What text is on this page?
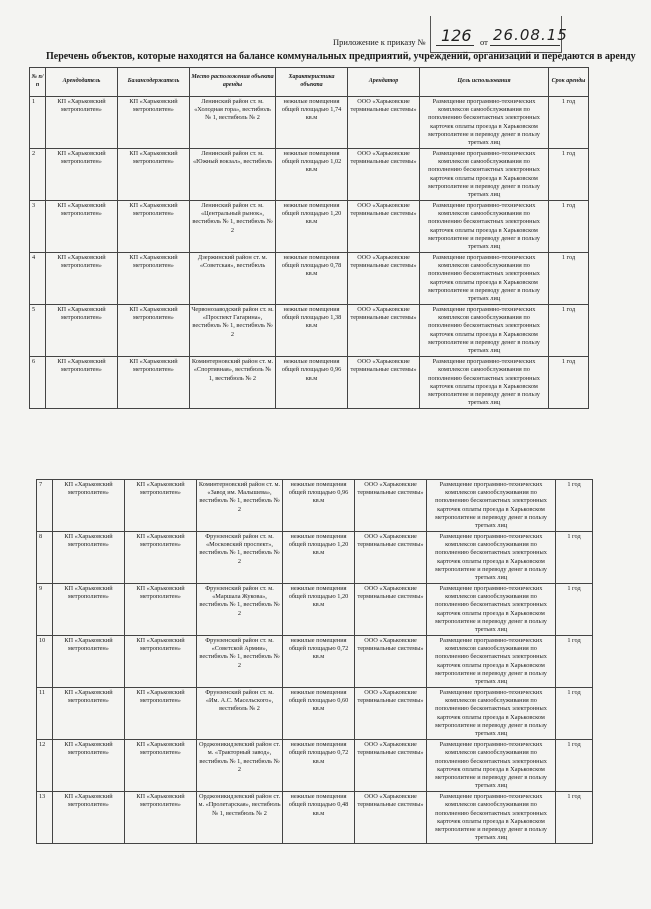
Приложение к приказу № 126 от 26.08.15
Перечень объектов, которые находятся на балансе коммунальных предприятий, учреждений, организаций и передаются в аренду
№ п/п	Арендодатель	Балансодержатель	Место расположения объекта аренды	Характеристика объекта	Арендатор	Цель использования	Срок аренды
1	КП «Харьковский метрополитен»	КП «Харьковский метрополитен»	Ленинский район ст. м. «Холодная гора», вестибюль № 1, вестибюль № 2	нежилые помещения общей площадью 1,74 кв.м	ООО «Харьковские терминальные системы»	Размещение программно-технических комплексов самообслуживания по пополнению бесконтактных электронных карточек оплаты проезда в Харьковском метрополитене и переводу денег в пользу третьих лиц	1 год
2	КП «Харьковский метрополитен»	КП «Харьковский метрополитен»	Ленинский район ст. м. «Южный вокзал», вестибюль	нежилые помещения общей площадью 1,02 кв.м	ООО «Харьковские терминальные системы»	Размещение программно-технических комплексов самообслуживания по пополнению бесконтактных электронных карточек оплаты проезда в Харьковском метрополитене и переводу денег в пользу третьих лиц	1 год
3	КП «Харьковский метрополитен»	КП «Харьковский метрополитен»	Ленинский район ст. м. «Центральный рынок», вестибюль № 1, вестибюль № 2	нежилые помещения общей площадью 1,20 кв.м	ООО «Харьковские терминальные системы»	Размещение программно-технических комплексов самообслуживания по пополнению бесконтактных электронных карточек оплаты проезда в Харьковском метрополитене и переводу денег в пользу третьих лиц	1 год
4	КП «Харьковский метрополитен»	КП «Харьковский метрополитен»	Дзержинский район ст. м. «Советская», вестибюль	нежилые помещения общей площадью 0,78 кв.м	ООО «Харьковские терминальные системы»	Размещение программно-технических комплексов самообслуживания по пополнению бесконтактных электронных карточек оплаты проезда в Харьковском метрополитене и переводу денег в пользу третьих лиц	1 год
5	КП «Харьковский метрополитен»	КП «Харьковский метрополитен»	Червонозаводский район ст. м. «Проспект Гагарина», вестибюль № 1, вестибюль № 2	нежилые помещения общей площадью 1,38 кв.м	ООО «Харьковские терминальные системы»	Размещение программно-технических комплексов самообслуживания по пополнению бесконтактных электронных карточек оплаты проезда в Харьковском метрополитене и переводу денег в пользу третьих лиц	1 год
6	КП «Харьковский метрополитен»	КП «Харьковский метрополитен»	Коминтерновский район ст. м. «Спортивная», вестибюль № 1, вестибюль № 2	нежилые помещения общей площадью 0,96 кв.м	ООО «Харьковские терминальные системы»	Размещение программно-технических комплексов самообслуживания по пополнению бесконтактных электронных карточек оплаты проезда в Харьковском метрополитене и переводу денег в пользу третьих лиц	1 год
7	КП «Харьковский метрополитен»	КП «Харьковский метрополитен»	Коминтерновский район ст. м. «Завод им. Малышева», вестибюль № 1, вестибюль № 2	нежилые помещения общей площадью 0,96 кв.м	ООО «Харьковские терминальные системы»	Размещение программно-технических комплексов самообслуживания по пополнению бесконтактных электронных карточек оплаты проезда в Харьковском метрополитене и переводу денег в пользу третьих лиц	1 год
8	КП «Харьковский метрополитен»	КП «Харьковский метрополитен»	Фрунзенский район ст. м. «Московский проспект», вестибюль № 1, вестибюль № 2	нежилые помещения общей площадью 1,20 кв.м	ООО «Харьковские терминальные системы»	Размещение программно-технических комплексов самообслуживания по пополнению бесконтактных электронных карточек оплаты проезда в Харьковском метрополитене и переводу денег в пользу третьих лиц	1 год
9	КП «Харьковский метрополитен»	КП «Харьковский метрополитен»	Фрунзенский район ст. м. «Маршала Жукова», вестибюль № 1, вестибюль № 2	нежилые помещения общей площадью 1,20 кв.м	ООО «Харьковские терминальные системы»	Размещение программно-технических комплексов самообслуживания по пополнению бесконтактных электронных карточек оплаты проезда в Харьковском метрополитене и переводу денег в пользу третьих лиц	1 год
10	КП «Харьковский метрополитен»	КП «Харьковский метрополитен»	Фрунзенский район ст. м. «Советской Армии», вестибюль № 1, вестибюль № 2	нежилые помещения общей площадью 0,72 кв.м	ООО «Харьковские терминальные системы»	Размещение программно-технических комплексов самообслуживания по пополнению бесконтактных электронных карточек оплаты проезда в Харьковском метрополитене и переводу денег в пользу третьих лиц	1 год
11	КП «Харьковский метрополитен»	КП «Харьковский метрополитен»	Фрунзенский район ст. м. «Им. А.С. Масельского», вестибюль № 2	нежилые помещения общей площадью 0,60 кв.м	ООО «Харьковские терминальные системы»	Размещение программно-технических комплексов самообслуживания по пополнению бесконтактных электронных карточек оплаты проезда в Харьковском метрополитене и переводу денег в пользу третьих лиц	1 год
12	КП «Харьковский метрополитен»	КП «Харьковский метрополитен»	Орджоникидзевский район ст. м. «Тракторный завод», вестибюль № 1, вестибюль № 2	нежилые помещения общей площадью 0,72 кв.м	ООО «Харьковские терминальные системы»	Размещение программно-технических комплексов самообслуживания по пополнению бесконтактных электронных карточек оплаты проезда в Харьковском метрополитене и переводу денег в пользу третьих лиц	1 год
13	КП «Харьковский метрополитен»	КП «Харьковский метрополитен»	Орджоникидзевский район ст. м. «Пролетарская», вестибюль № 1, вестибюль № 2	нежилые помещения общей площадью 0,48 кв.м	ООО «Харьковские терминальные системы»	Размещение программно-технических комплексов самообслуживания по пополнению бесконтактных электронных карточек оплаты проезда в Харьковском метрополитене и переводу денег в пользу третьих лиц	1 год
